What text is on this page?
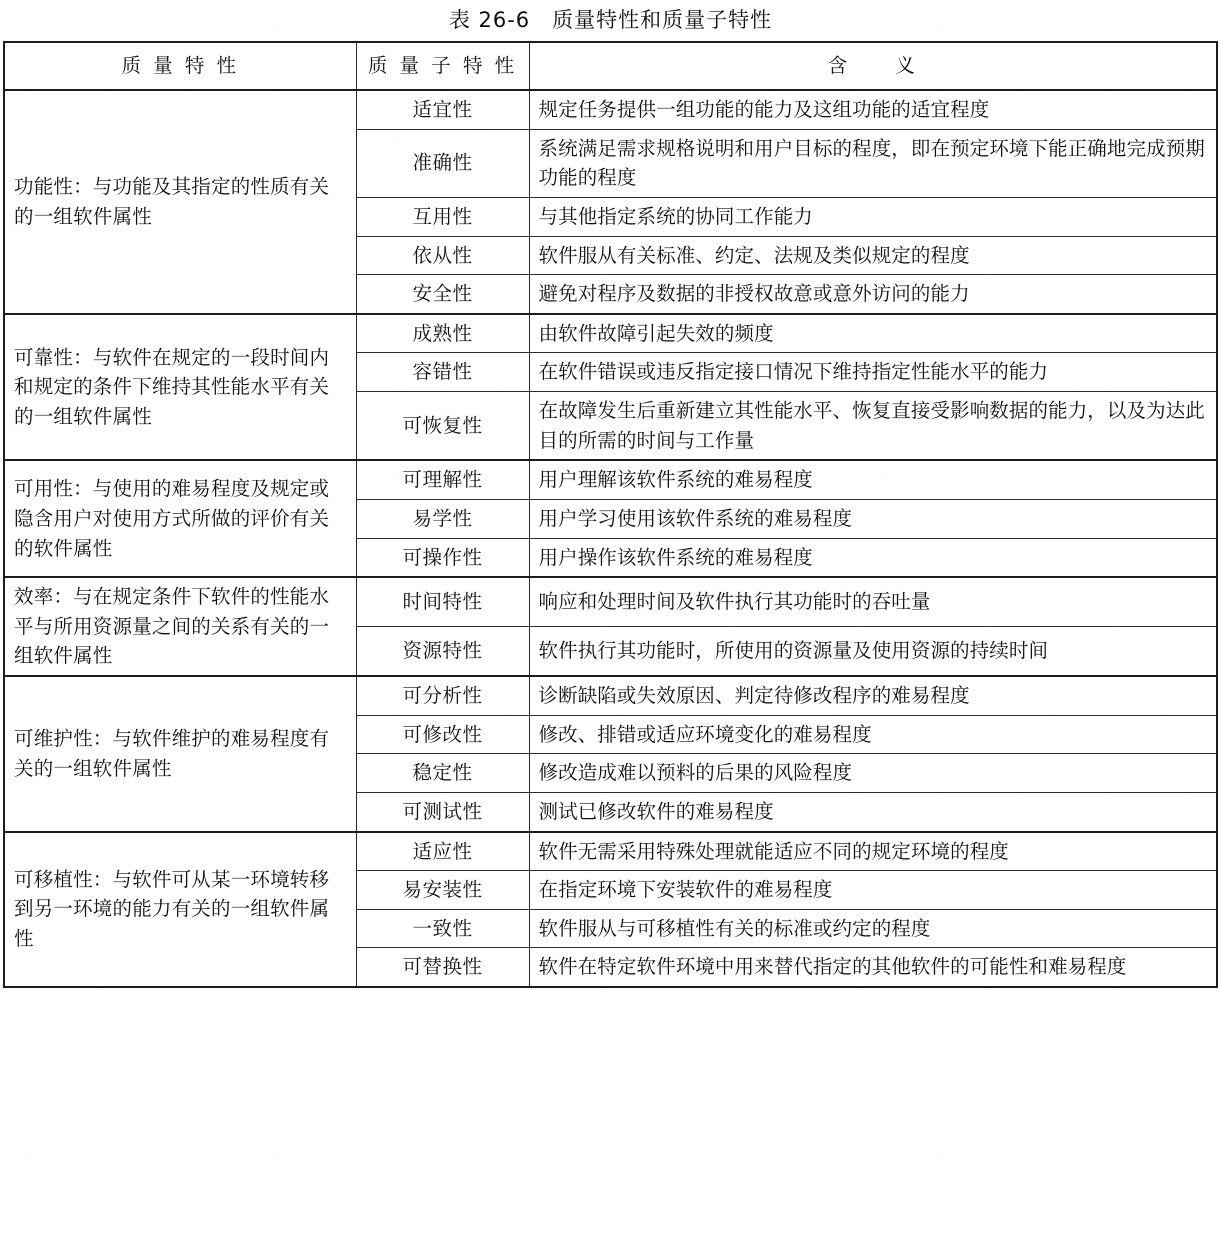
表 26-6　质量特性和质量子特性
质 量 特 性	质 量 子 特 性	含　　义
功能性：与功能及其指定的性质有关的一组软件属性	适宜性	规定任务提供一组功能的能力及这组功能的适宜程度
	准确性	系统满足需求规格说明和用户目标的程度，即在预定环境下能正确地完成预期功能的程度
	互用性	与其他指定系统的协同工作能力
	依从性	软件服从有关标准、约定、法规及类似规定的程度
	安全性	避免对程序及数据的非授权故意或意外访问的能力
可靠性：与软件在规定的一段时间内和规定的条件下维持其性能水平有关的一组软件属性	成熟性	由软件故障引起失效的频度
	容错性	在软件错误或违反指定接口情况下维持指定性能水平的能力
	可恢复性	在故障发生后重新建立其性能水平、恢复直接受影响数据的能力，以及为达此目的所需的时间与工作量
可用性：与使用的难易程度及规定或隐含用户对使用方式所做的评价有关的软件属性	可理解性	用户理解该软件系统的难易程度
	易学性	用户学习使用该软件系统的难易程度
	可操作性	用户操作该软件系统的难易程度
效率：与在规定条件下软件的性能水平与所用资源量之间的关系有关的一组软件属性	时间特性	响应和处理时间及软件执行其功能时的吞吐量
	资源特性	软件执行其功能时，所使用的资源量及使用资源的持续时间
可维护性：与软件维护的难易程度有关的一组软件属性	可分析性	诊断缺陷或失效原因、判定待修改程序的难易程度
	可修改性	修改、排错或适应环境变化的难易程度
	稳定性	修改造成难以预料的后果的风险程度
	可测试性	测试已修改软件的难易程度
可移植性：与软件可从某一环境转移到另一环境的能力有关的一组软件属性	适应性	软件无需采用特殊处理就能适应不同的规定环境的程度
	易安装性	在指定环境下安装软件的难易程度
	一致性	软件服从与可移植性有关的标准或约定的程度
	可替换性	软件在特定软件环境中用来替代指定的其他软件的可能性和难易程度
